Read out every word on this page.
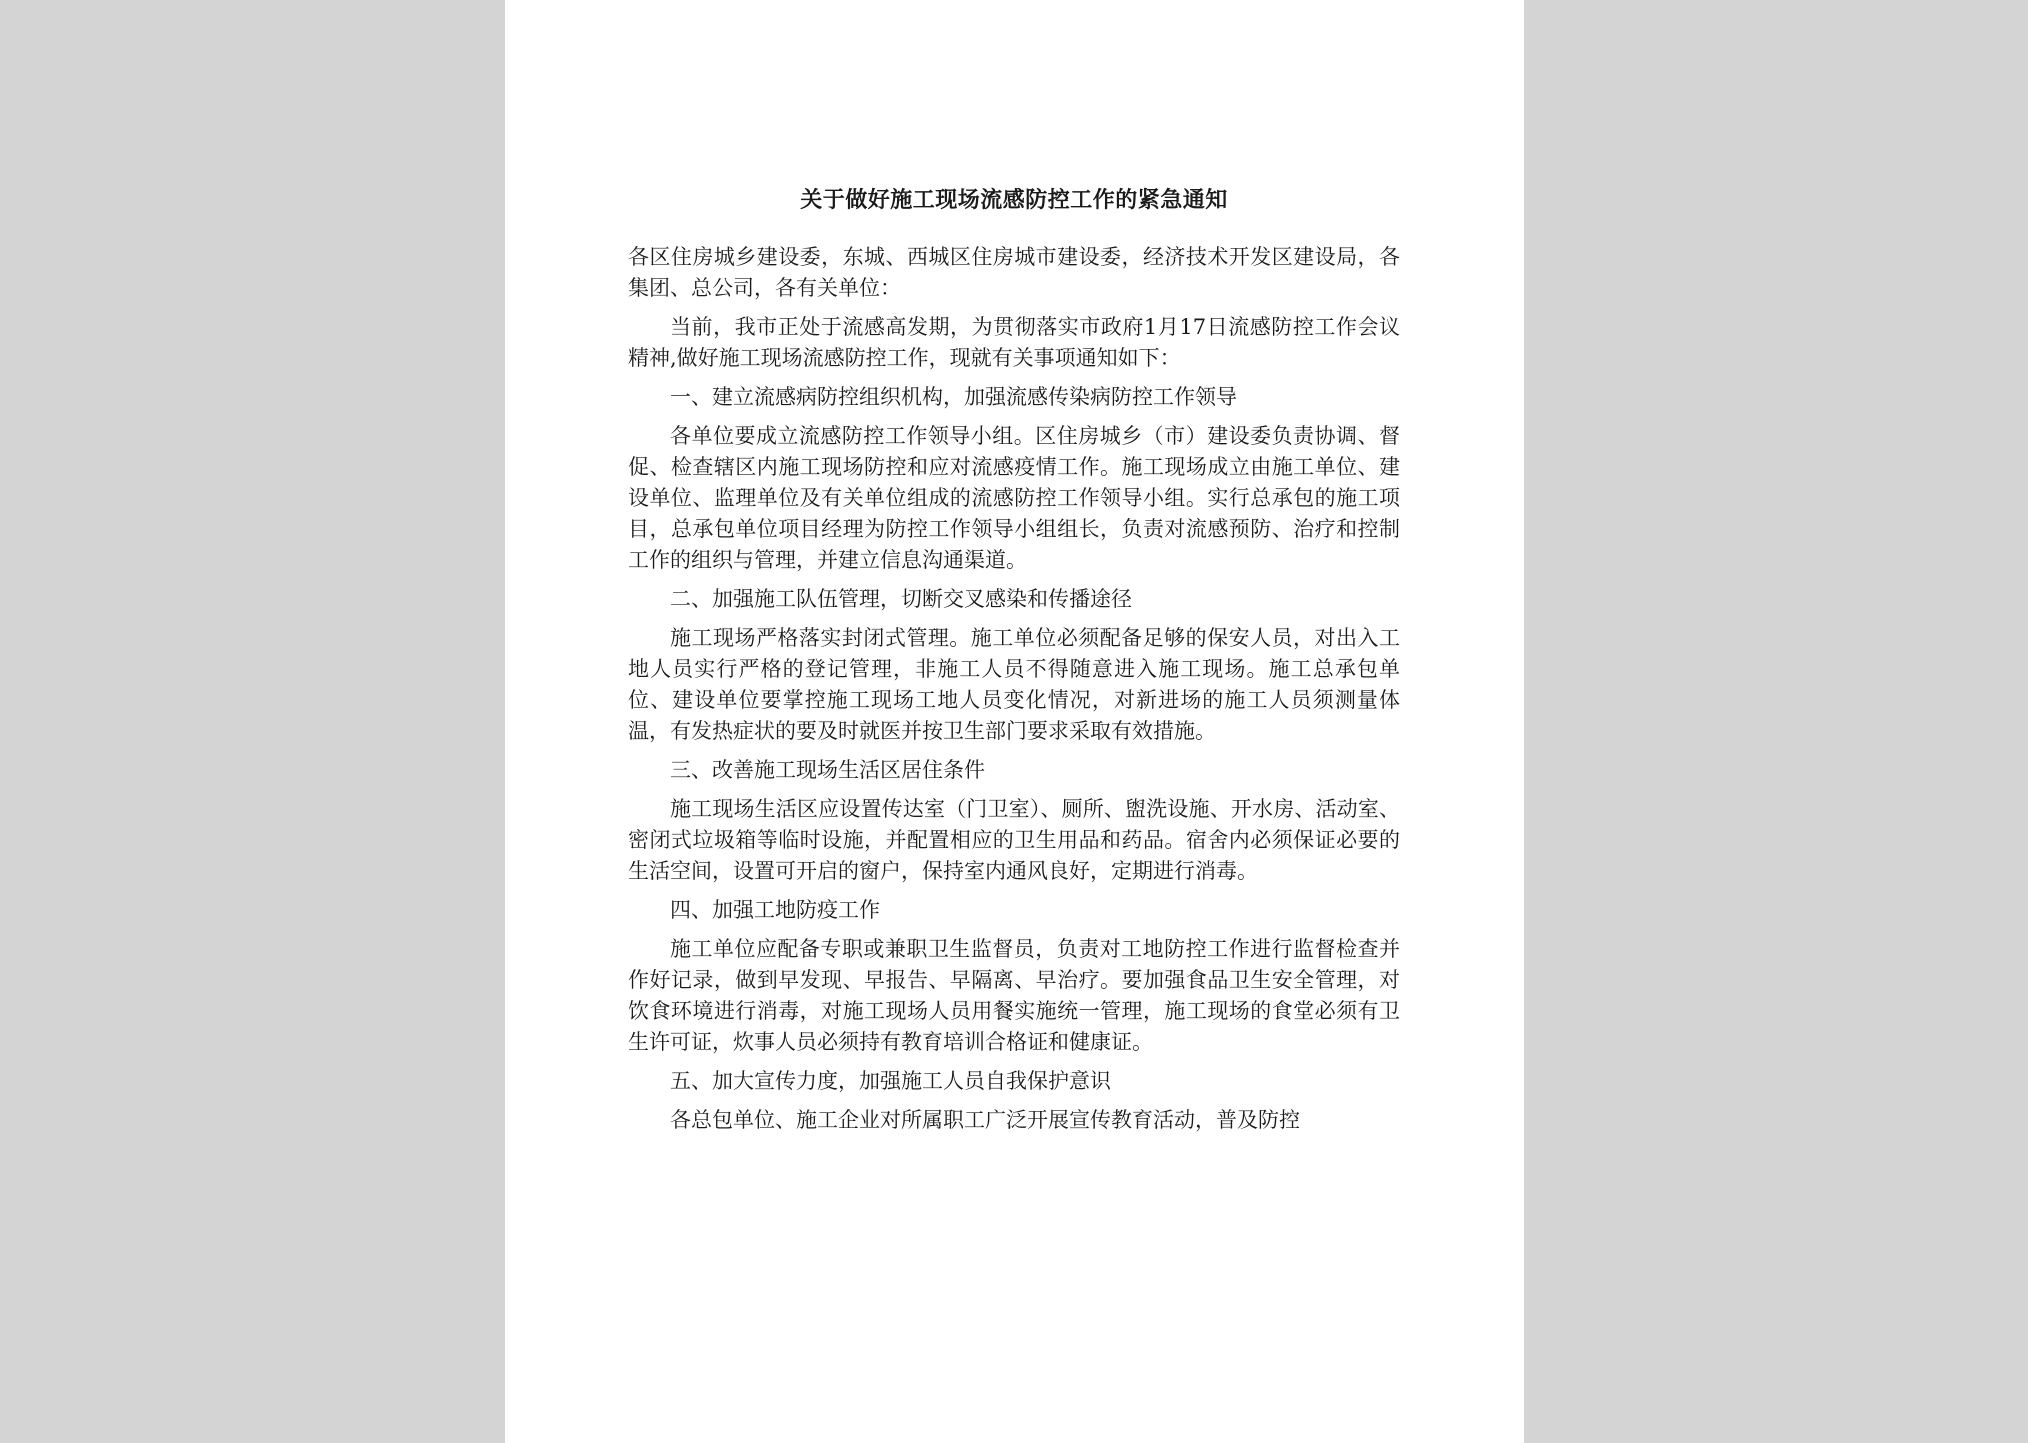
关于做好施工现场流感防控工作的紧急通知

各区住房城乡建设委，东城、西城区住房城市建设委，经济技术开发区建设局，各集团、总公司，各有关单位：

当前，我市正处于流感高发期，为贯彻落实市政府1月17日流感防控工作会议精神,做好施工现场流感防控工作，现就有关事项通知如下：

一、建立流感病防控组织机构，加强流感传染病防控工作领导

各单位要成立流感防控工作领导小组。区住房城乡（市）建设委负责协调、督促、检查辖区内施工现场防控和应对流感疫情工作。施工现场成立由施工单位、建设单位、监理单位及有关单位组成的流感防控工作领导小组。实行总承包的施工项目，总承包单位项目经理为防控工作领导小组组长，负责对流感预防、治疗和控制工作的组织与管理，并建立信息沟通渠道。

二、加强施工队伍管理，切断交叉感染和传播途径

施工现场严格落实封闭式管理。施工单位必须配备足够的保安人员，对出入工地人员实行严格的登记管理，非施工人员不得随意进入施工现场。施工总承包单位、建设单位要掌控施工现场工地人员变化情况，对新进场的施工人员须测量体温，有发热症状的要及时就医并按卫生部门要求采取有效措施。

三、改善施工现场生活区居住条件

施工现场生活区应设置传达室（门卫室）、厕所、盥洗设施、开水房、活动室、密闭式垃圾箱等临时设施，并配置相应的卫生用品和药品。宿舍内必须保证必要的生活空间，设置可开启的窗户，保持室内通风良好，定期进行消毒。

四、加强工地防疫工作

施工单位应配备专职或兼职卫生监督员，负责对工地防控工作进行监督检查并作好记录，做到早发现、早报告、早隔离、早治疗。要加强食品卫生安全管理，对饮食环境进行消毒，对施工现场人员用餐实施统一管理，施工现场的食堂必须有卫生许可证，炊事人员必须持有教育培训合格证和健康证。

五、加大宣传力度，加强施工人员自我保护意识

各总包单位、施工企业对所属职工广泛开展宣传教育活动，普及防控
